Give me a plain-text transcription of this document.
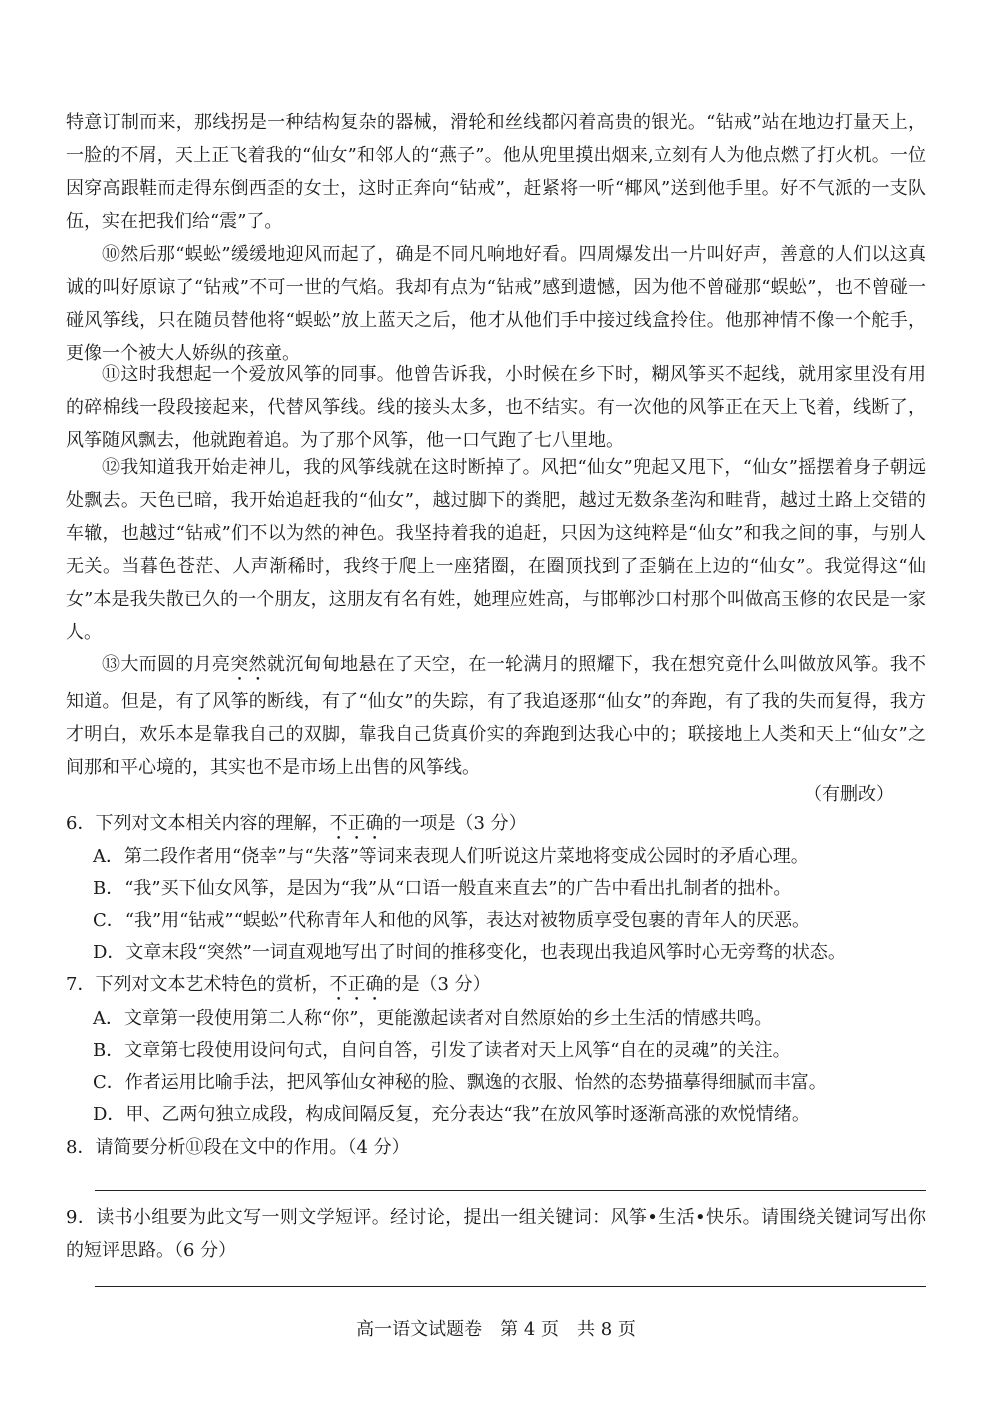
特意订制而来，那线拐是一种结构复杂的器械，滑轮和丝线都闪着高贵的银光。“钻戒”站在地边打量天上，一脸的不屑，天上正飞着我的“仙女”和邻人的“燕子”。他从兜里摸出烟来,立刻有人为他点燃了打火机。一位因穿高跟鞋而走得东倒西歪的女士，这时正奔向“钻戒”，赶紧将一听“椰风”送到他手里。好不气派的一支队伍，实在把我们给“震”了。
⑩然后那“蜈蚣”缓缓地迎风而起了，确是不同凡响地好看。四周爆发出一片叫好声，善意的人们以这真诚的叫好原谅了“钻戒”不可一世的气焰。我却有点为“钻戒”感到遗憾，因为他不曾碰那“蜈蚣”，也不曾碰一碰风筝线，只在随员替他将“蜈蚣”放上蓝天之后，他才从他们手中接过线盒拎住。他那神情不像一个舵手，更像一个被大人娇纵的孩童。
⑪这时我想起一个爱放风筝的同事。他曾告诉我，小时候在乡下时，糊风筝买不起线，就用家里没有用的碎棉线一段段接起来，代替风筝线。线的接头太多，也不结实。有一次他的风筝正在天上飞着，线断了，风筝随风飘去，他就跑着追。为了那个风筝，他一口气跑了七八里地。
⑫我知道我开始走神儿，我的风筝线就在这时断掉了。风把“仙女”兜起又甩下，“仙女”摇摆着身子朝远处飘去。天色已暗，我开始追赶我的“仙女”，越过脚下的粪肥，越过无数条垄沟和畦背，越过土路上交错的车辙，也越过“钻戒”们不以为然的神色。我坚持着我的追赶，只因为这纯粹是“仙女”和我之间的事，与别人无关。当暮色苍茫、人声渐稀时，我终于爬上一座猪圈，在圈顶找到了歪躺在上边的“仙女”。我觉得这“仙女”本是我失散已久的一个朋友，这朋友有名有姓，她理应姓高，与邯郸沙口村那个叫做高玉修的农民是一家人。
⑬大而圆的月亮突然就沉甸甸地悬在了天空，在一轮满月的照耀下，我在想究竟什么叫做放风筝。我不知道。但是，有了风筝的断线，有了“仙女”的失踪，有了我追逐那“仙女”的奔跑，有了我的失而复得，我方才明白，欢乐本是靠我自己的双脚，靠我自己货真价实的奔跑到达我心中的；联接地上人类和天上“仙女”之间那和平心境的，其实也不是市场上出售的风筝线。
（有删改）
6．下列对文本相关内容的理解，不正确的一项是（3 分）
A．第二段作者用“侥幸”与“失落”等词来表现人们听说这片菜地将变成公园时的矛盾心理。
B．“我”买下仙女风筝，是因为“我”从“口语一般直来直去”的广告中看出扎制者的拙朴。
C．“我”用“钻戒”“蜈蚣”代称青年人和他的风筝，表达对被物质享受包裹的青年人的厌恶。
D．文章末段“突然”一词直观地写出了时间的推移变化，也表现出我追风筝时心无旁骛的状态。
7．下列对文本艺术特色的赏析，不正确的是（3 分）
A．文章第一段使用第二人称“你”，更能激起读者对自然原始的乡土生活的情感共鸣。
B．文章第七段使用设问句式，自问自答，引发了读者对天上风筝“自在的灵魂”的关注。
C．作者运用比喻手法，把风筝仙女神秘的脸、飘逸的衣服、怡然的态势描摹得细腻而丰富。
D．甲、乙两句独立成段，构成间隔反复，充分表达“我”在放风筝时逐渐高涨的欢悦情绪。
8．请简要分析⑪段在文中的作用。（4 分）
9．读书小组要为此文写一则文学短评。经讨论，提出一组关键词：风筝•生活•快乐。请围绕关键词写出你的短评思路。（6 分）
高一语文试题卷　第 4 页　共 8 页
